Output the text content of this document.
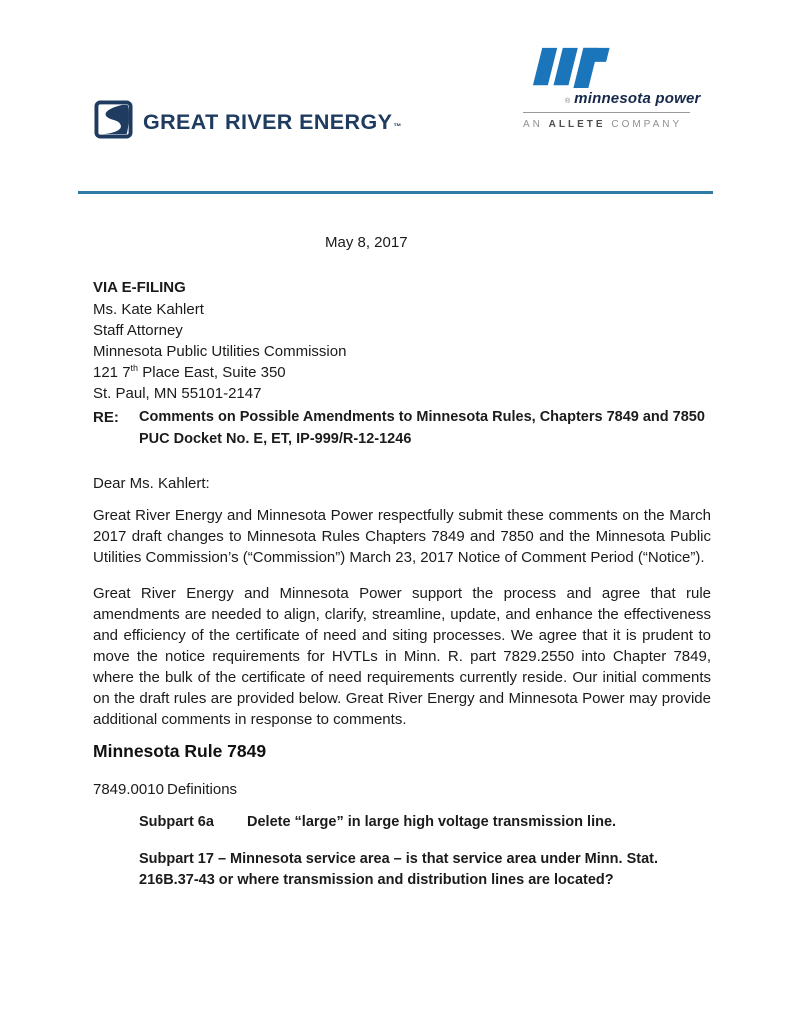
GREAT RIVER ENERGY™
® minnesota power
AN ALLETE COMPANY
May 8, 2017
VIA E-FILING
Ms. Kate Kahlert
Staff Attorney
Minnesota Public Utilities Commission
121 7th Place East, Suite 350
St. Paul, MN 55101-2147
RE:	Comments on Possible Amendments to Minnesota Rules, Chapters 7849 and 7850
PUC Docket No. E, ET, IP-999/R-12-1246
Dear Ms. Kahlert:

Great River Energy and Minnesota Power respectfully submit these comments on the March 2017 draft changes to Minnesota Rules Chapters 7849 and 7850 and the Minnesota Public Utilities Commission’s (“Commission”) March 23, 2017 Notice of Comment Period (“Notice”).

Great River Energy and Minnesota Power support the process and agree that rule amendments are needed to align, clarify, streamline, update, and enhance the effectiveness and efficiency of the certificate of need and siting processes. We agree that it is prudent to move the notice requirements for HVTLs in Minn. R. part 7829.2550 into Chapter 7849, where the bulk of the certificate of need requirements currently reside. Our initial comments on the draft rules are provided below. Great River Energy and Minnesota Power may provide additional comments in response to comments.

Minnesota Rule 7849
7849.0010 Definitions
Subpart 6a Delete “large” in large high voltage transmission line.
Subpart 17 – Minnesota service area – is that service area under Minn. Stat. 216B.37-43 or where transmission and distribution lines are located?
